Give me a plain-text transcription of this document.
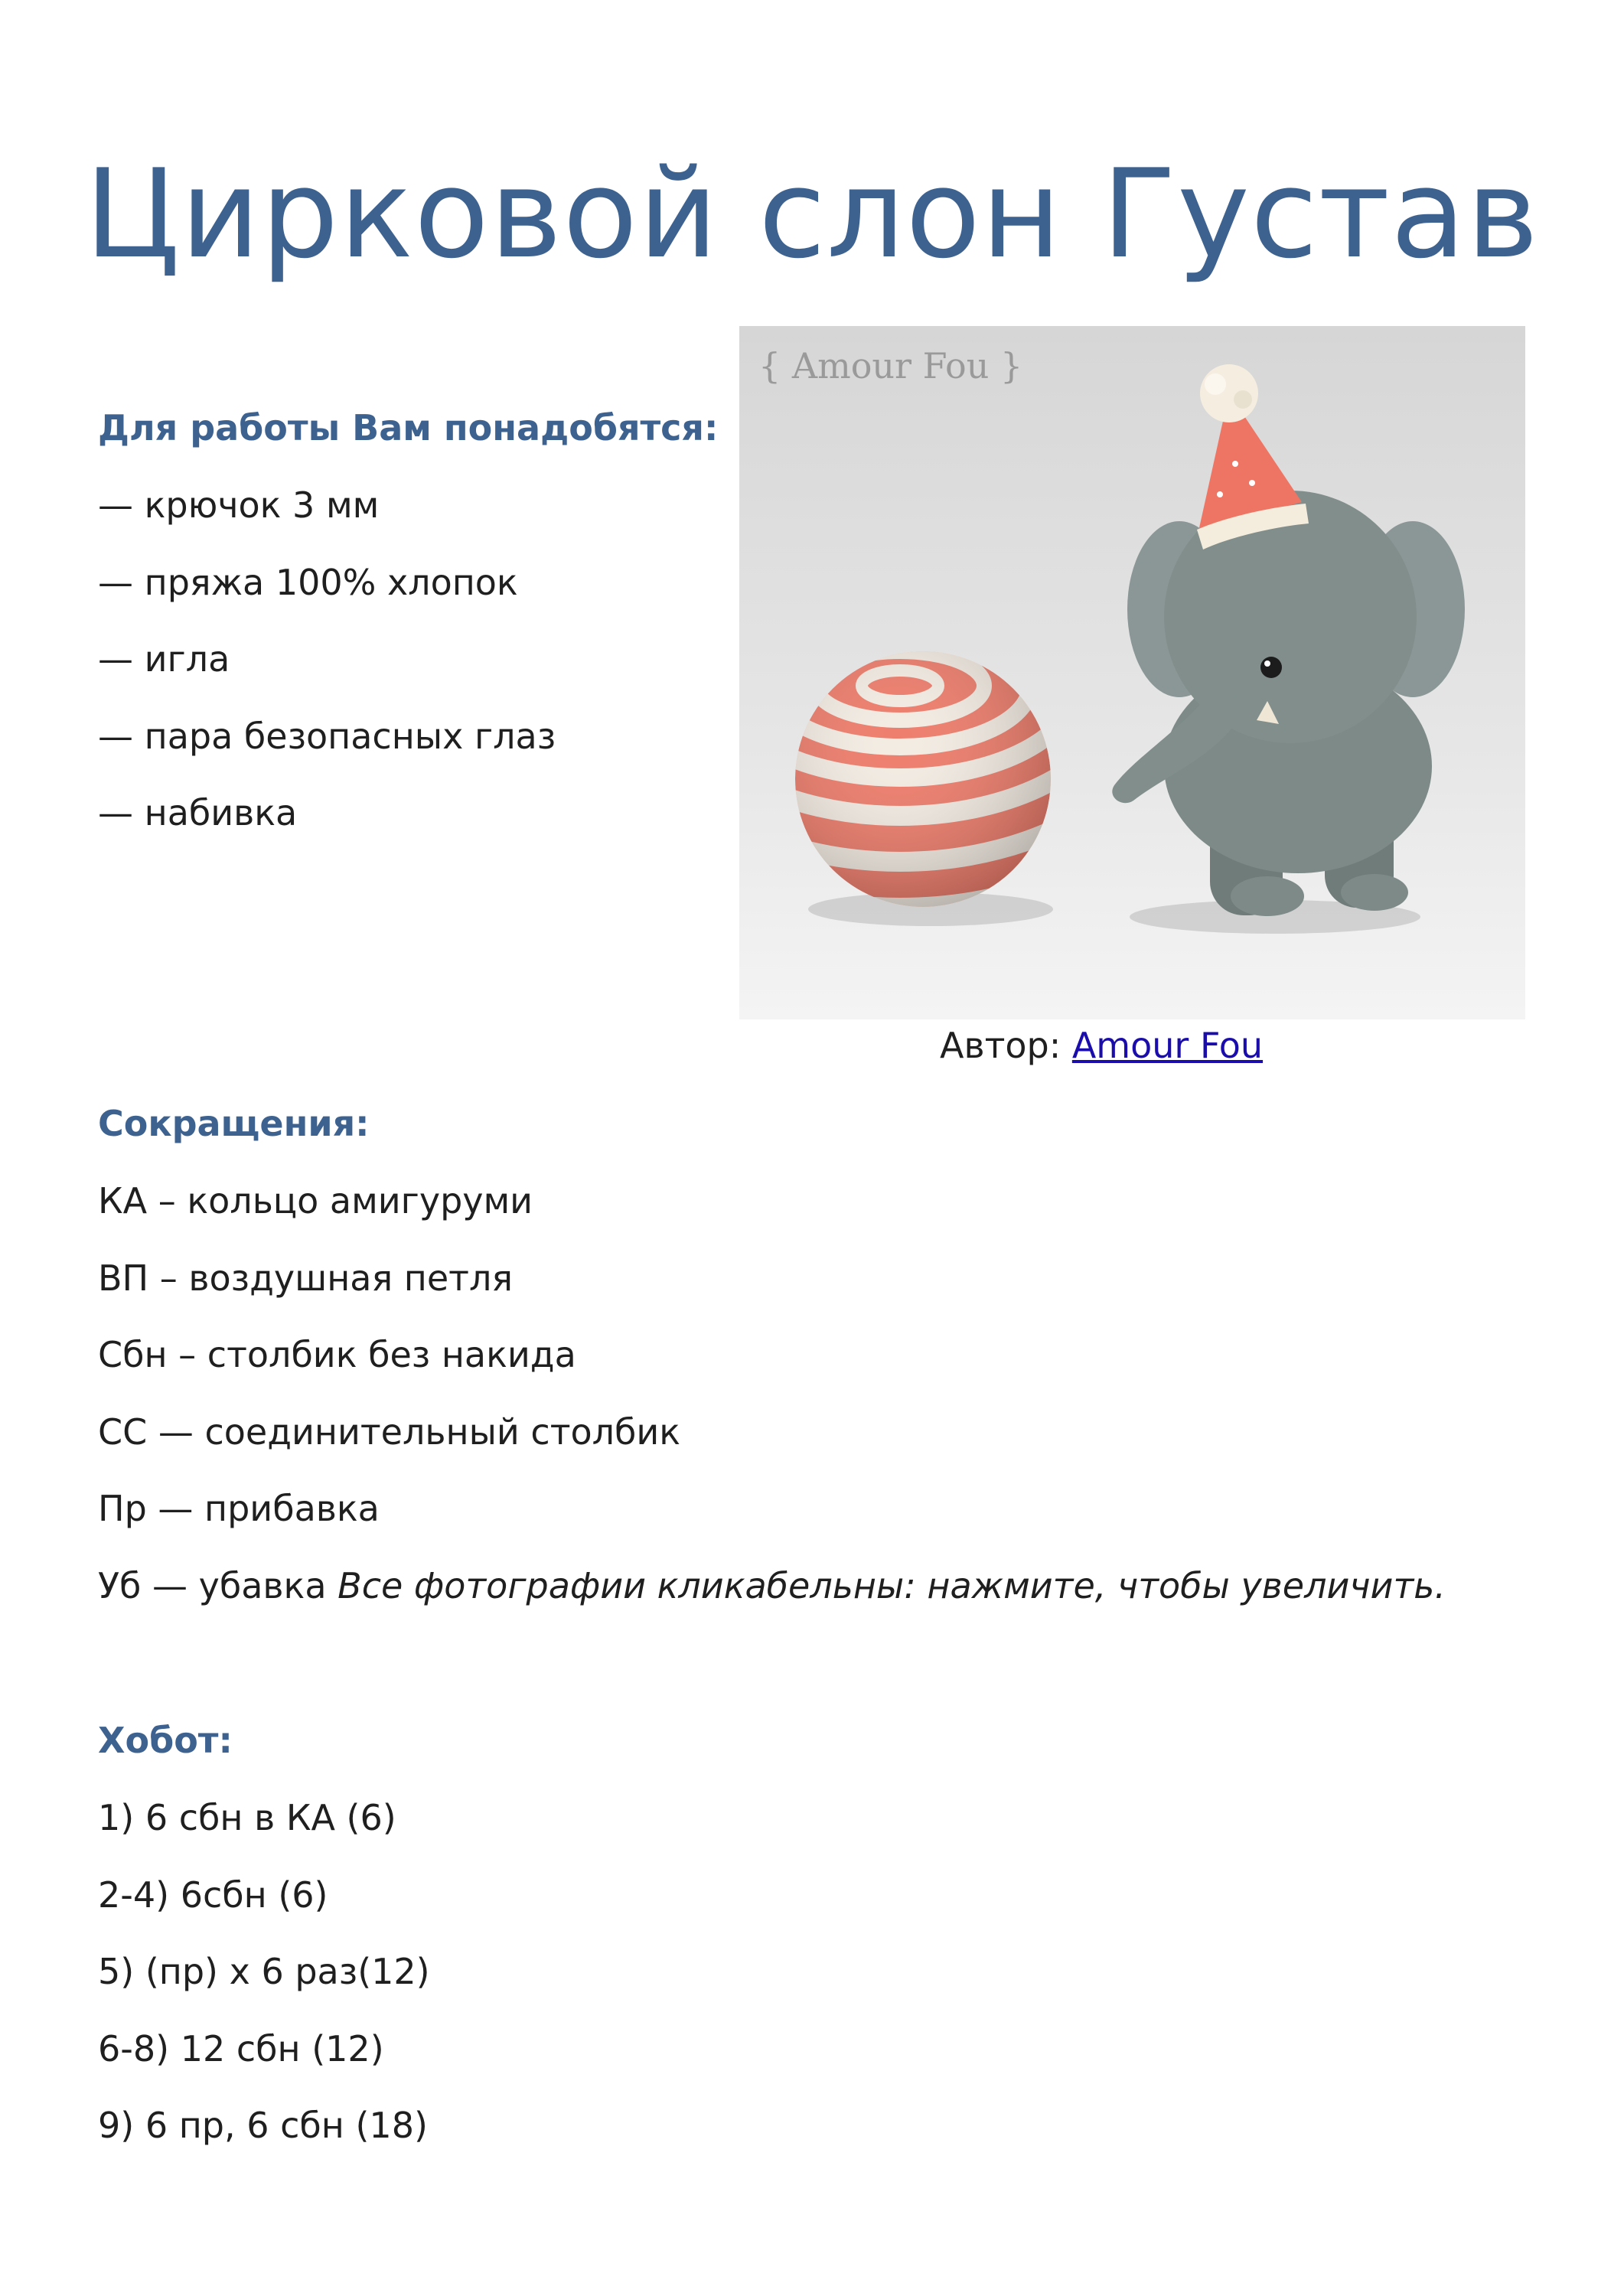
Цирковой слон Густав
Для работы Вам понадобятся:

— крючок 3 мм

— пряжа 100% хлопок

— игла

— пара безопасных глаз

— набивка

{ Amour Fou }
Автор: Amour Fou
Сокращения:

КА – кольцо амигуруми

ВП – воздушная петля

Сбн – столбик без накида

СС — соединительный столбик

Пр — прибавка

Уб — убавка Все фотографии кликабельны: нажмите, чтобы увеличить.

Хобот:

1) 6 сбн в КА (6)

2-4) 6сбн (6)

5) (пр) х 6 раз(12)

6-8) 12 сбн (12)

9) 6 пр, 6 сбн (18)
